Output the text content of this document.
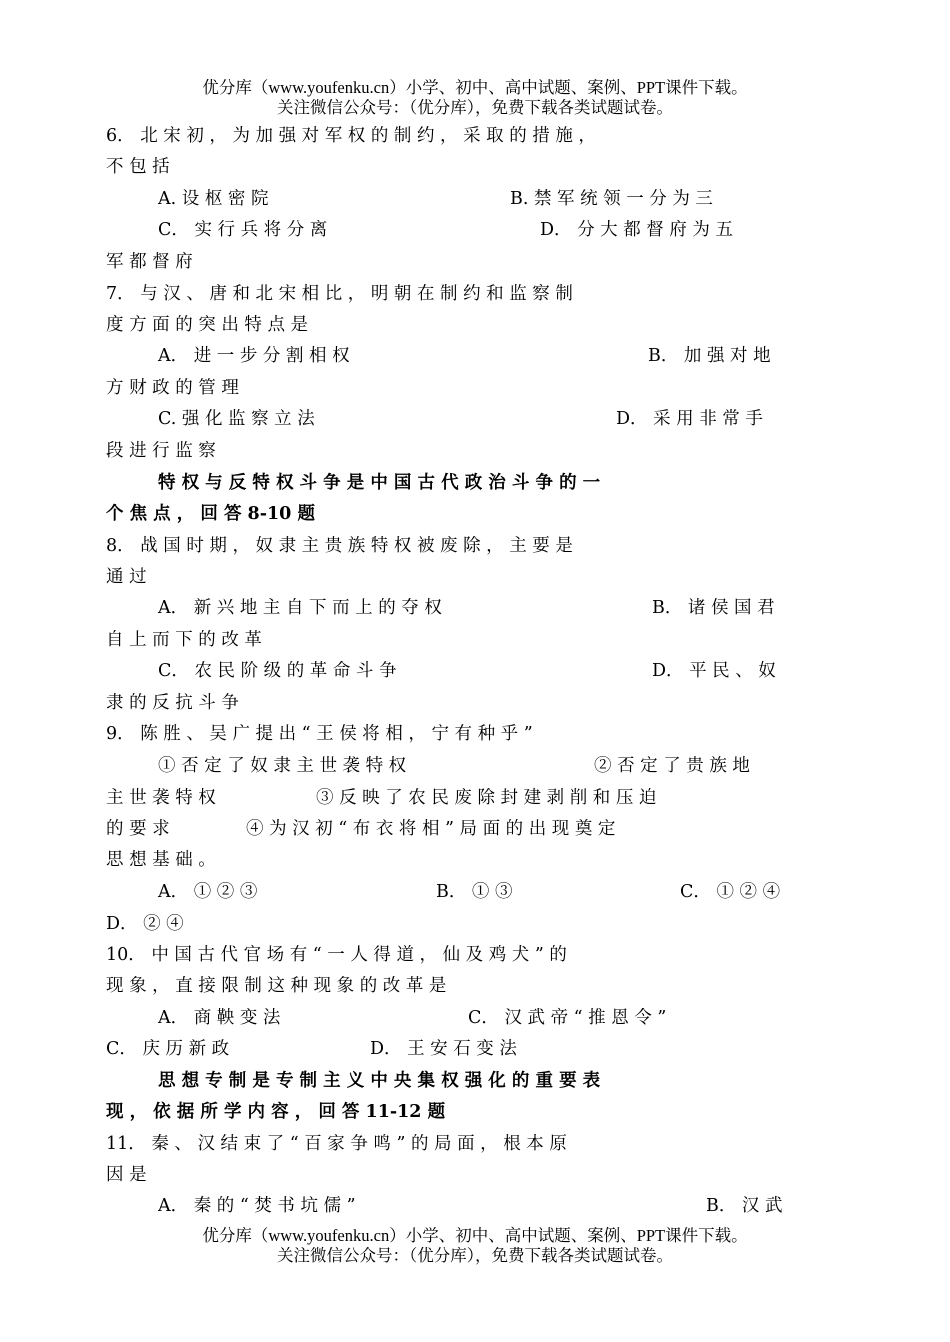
优分库（www.youfenku.cn）小学、初中、高中试题、案例、PPT课件下载。
关注微信公众号：（优分库），免费下载各类试题试卷。
6． 北 宋 初 ， 为 加 强 对 军 权 的 制 约 ， 采 取 的 措 施 ，
不 包 括
A. 设 枢 密 院	B. 禁 军 统 领 一 分 为 三
C． 实 行 兵 将 分 离	D． 分 大 都 督 府 为 五
军 都 督 府
7． 与 汉 、 唐 和 北 宋 相 比 ， 明 朝 在 制 约 和 监 察 制
度 方 面 的 突 出 特 点 是
A． 进 一 步 分 割 相 权	B． 加 强 对 地
方 财 政 的 管 理
C. 强 化 监 察 立 法	D． 采 用 非 常 手
段 进 行 监 察
特 权 与 反 特 权 斗 争 是 中 国 古 代 政 治 斗 争 的 一
个 焦 点 ， 回 答 8-10 题
8． 战 国 时 期 ， 奴 隶 主 贵 族 特 权 被 废 除 ， 主 要 是
通 过
A． 新 兴 地 主 自 下 而 上 的 夺 权	B． 诸 侯 国 君
自 上 而 下 的 改 革
C． 农 民 阶 级 的 革 命 斗 争	D． 平 民 、 奴
隶 的 反 抗 斗 争
9． 陈 胜 、 吴 广 提 出 “ 王 侯 将 相 ， 宁 有 种 乎 ”
① 否 定 了 奴 隶 主 世 袭 特 权	② 否 定 了 贵 族 地
主 世 袭 特 权	③ 反 映 了 农 民 废 除 封 建 剥 削 和 压 迫
的 要 求	④ 为 汉 初 “ 布 衣 将 相 ” 局 面 的 出 现 奠 定
思 想 基 础 。
A． ① ② ③	B． ① ③	C． ① ② ④
D． ② ④
10． 中 国 古 代 官 场 有 “ 一 人 得 道 ， 仙 及 鸡 犬 ” 的
现 象 ， 直 接 限 制 这 种 现 象 的 改 革 是
A． 商 鞅 变 法	C． 汉 武 帝 “ 推 恩 令 ”
C． 庆 历 新 政	D． 王 安 石 变 法
思 想 专 制 是 专 制 主 义 中 央 集 权 强 化 的 重 要 表
现 ， 依 据 所 学 内 容 ， 回 答 11-12 题
11． 秦 、 汉 结 束 了 “ 百 家 争 鸣 ” 的 局 面 ， 根 本 原
因 是
A． 秦 的 “ 焚 书 坑 儒 ”	B． 汉 武
优分库（www.youfenku.cn）小学、初中、高中试题、案例、PPT课件下载。
关注微信公众号：（优分库），免费下载各类试题试卷。
